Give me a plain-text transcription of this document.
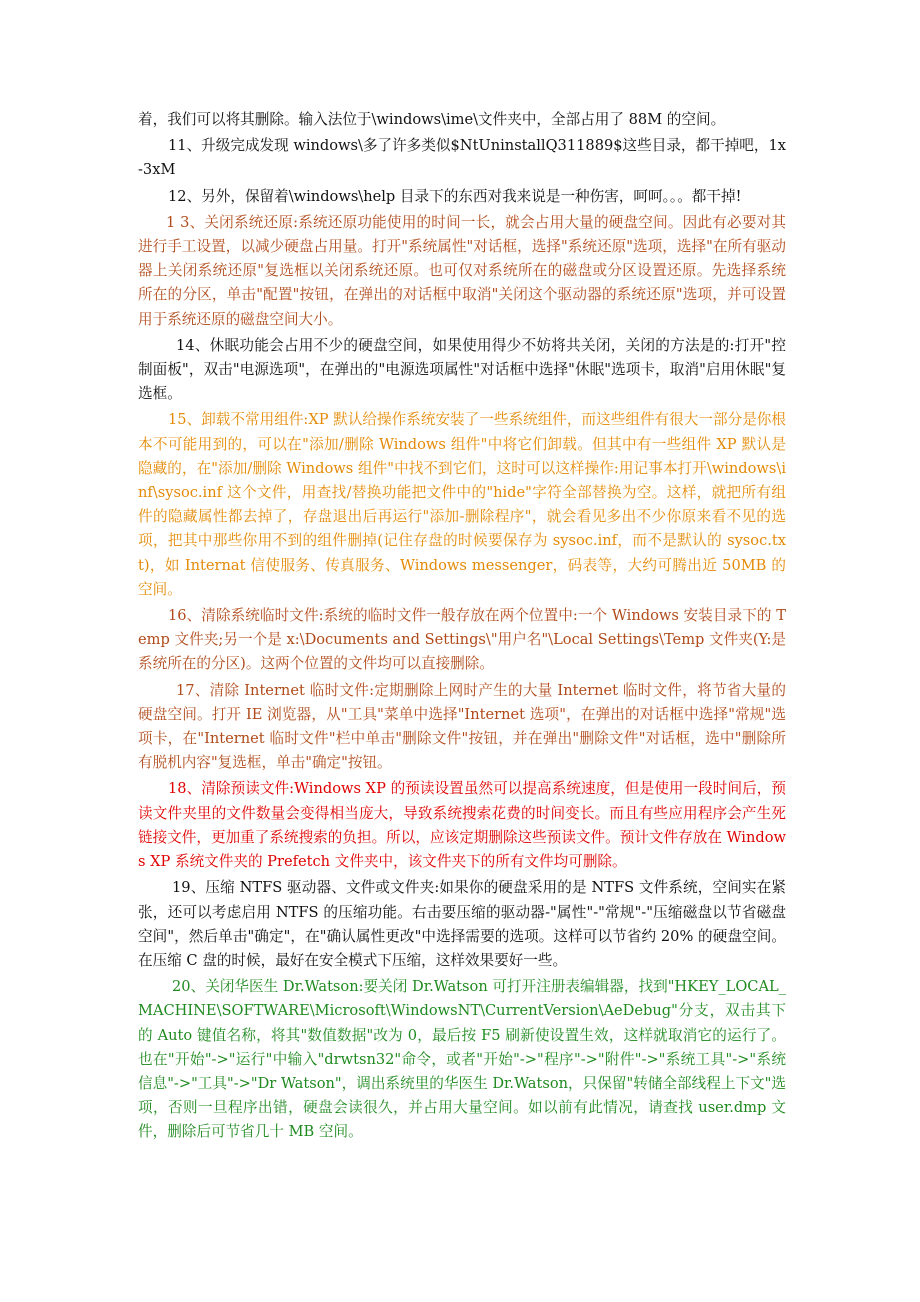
着，我们可以将其删除。输入法位于\windows\ime\文件夹中，全部占用了 88M 的空间。

11、升级完成发现 windows\多了许多类似$NtUninstallQ311889$这些目录，都干掉吧，1x-3xM

12、另外，保留着\windows\help 目录下的东西对我来说是一种伤害，呵呵。。。都干掉!

1 3、关闭系统还原:系统还原功能使用的时间一长，就会占用大量的硬盘空间。因此有必要对其进行手工设置，以减少硬盘占用量。打开"系统属性"对话框，选择"系统还原"选项，选择"在所有驱动器上关闭系统还原"复选框以关闭系统还原。也可仅对系统所在的磁盘或分区设置还原。先选择系统所在的分区，单击"配置"按钮，在弹出的对话框中取消"关闭这个驱动器的系统还原"选项，并可设置用于系统还原的磁盘空间大小。

14、休眠功能会占用不少的硬盘空间，如果使用得少不妨将共关闭，关闭的方法是的:打开"控制面板"，双击"电源选项"，在弹出的"电源选项属性"对话框中选择"休眠"选项卡，取消"启用休眠"复选框。

15、卸载不常用组件:XP 默认给操作系统安装了一些系统组件，而这些组件有很大一部分是你根本不可能用到的，可以在"添加/删除 Windows 组件"中将它们卸载。但其中有一些组件 XP 默认是隐藏的，在"添加/删除 Windows 组件"中找不到它们，这时可以这样操作:用记事本打开\windows\inf\sysoc.inf 这个文件，用查找/替换功能把文件中的"hide"字符全部替换为空。这样，就把所有组件的隐藏属性都去掉了，存盘退出后再运行"添加-删除程序"，就会看见多出不少你原来看不见的选项，把其中那些你用不到的组件删掉(记住存盘的时候要保存为 sysoc.inf，而不是默认的 sysoc.txt)，如 Internat 信使服务、传真服务、Windows messenger，码表等，大约可腾出近 50MB 的空间。

16、清除系统临时文件:系统的临时文件一般存放在两个位置中:一个 Windows 安装目录下的 Temp 文件夹;另一个是 x:\Documents and Settings\"用户名"\Local Settings\Temp 文件夹(Y:是系统所在的分区)。这两个位置的文件均可以直接删除。

17、清除 Internet 临时文件:定期删除上网时产生的大量 Internet 临时文件，将节省大量的硬盘空间。打开 IE 浏览器，从"工具"菜单中选择"Internet 选项"，在弹出的对话框中选择"常规"选项卡，在"Internet 临时文件"栏中单击"删除文件"按钮，并在弹出"删除文件"对话框，选中"删除所有脱机内容"复选框，单击"确定"按钮。

18、清除预读文件:Windows XP 的预读设置虽然可以提高系统速度，但是使用一段时间后，预读文件夹里的文件数量会变得相当庞大，导致系统搜索花费的时间变长。而且有些应用程序会产生死链接文件，更加重了系统搜索的负担。所以，应该定期删除这些预读文件。预计文件存放在 Windows XP 系统文件夹的 Prefetch 文件夹中，该文件夹下的所有文件均可删除。

19、压缩 NTFS 驱动器、文件或文件夹:如果你的硬盘采用的是 NTFS 文件系统，空间实在紧张，还可以考虑启用 NTFS 的压缩功能。右击要压缩的驱动器-"属性"-"常规"-"压缩磁盘以节省磁盘空间"，然后单击"确定"，在"确认属性更改"中选择需要的选项。这样可以节省约 20% 的硬盘空间。在压缩 C 盘的时候，最好在安全模式下压缩，这样效果要好一些。

20、关闭华医生 Dr.Watson:要关闭 Dr.Watson 可打开注册表编辑器，找到"HKEY_LOCAL_MACHINE\SOFTWARE\Microsoft\WindowsNT\CurrentVersion\AeDebug"分支，双击其下的 Auto 键值名称，将其"数值数据"改为 0，最后按 F5 刷新使设置生效，这样就取消它的运行了。也在"开始"->"运行"中输入"drwtsn32"命令，或者"开始"->"程序"->"附件"->"系统工具"->"系统信息"->"工具"->"Dr Watson"，调出系统里的华医生 Dr.Watson，只保留"转储全部线程上下文"选项，否则一旦程序出错，硬盘会读很久，并占用大量空间。如以前有此情况，请查找 user.dmp 文件，删除后可节省几十 MB 空间。
